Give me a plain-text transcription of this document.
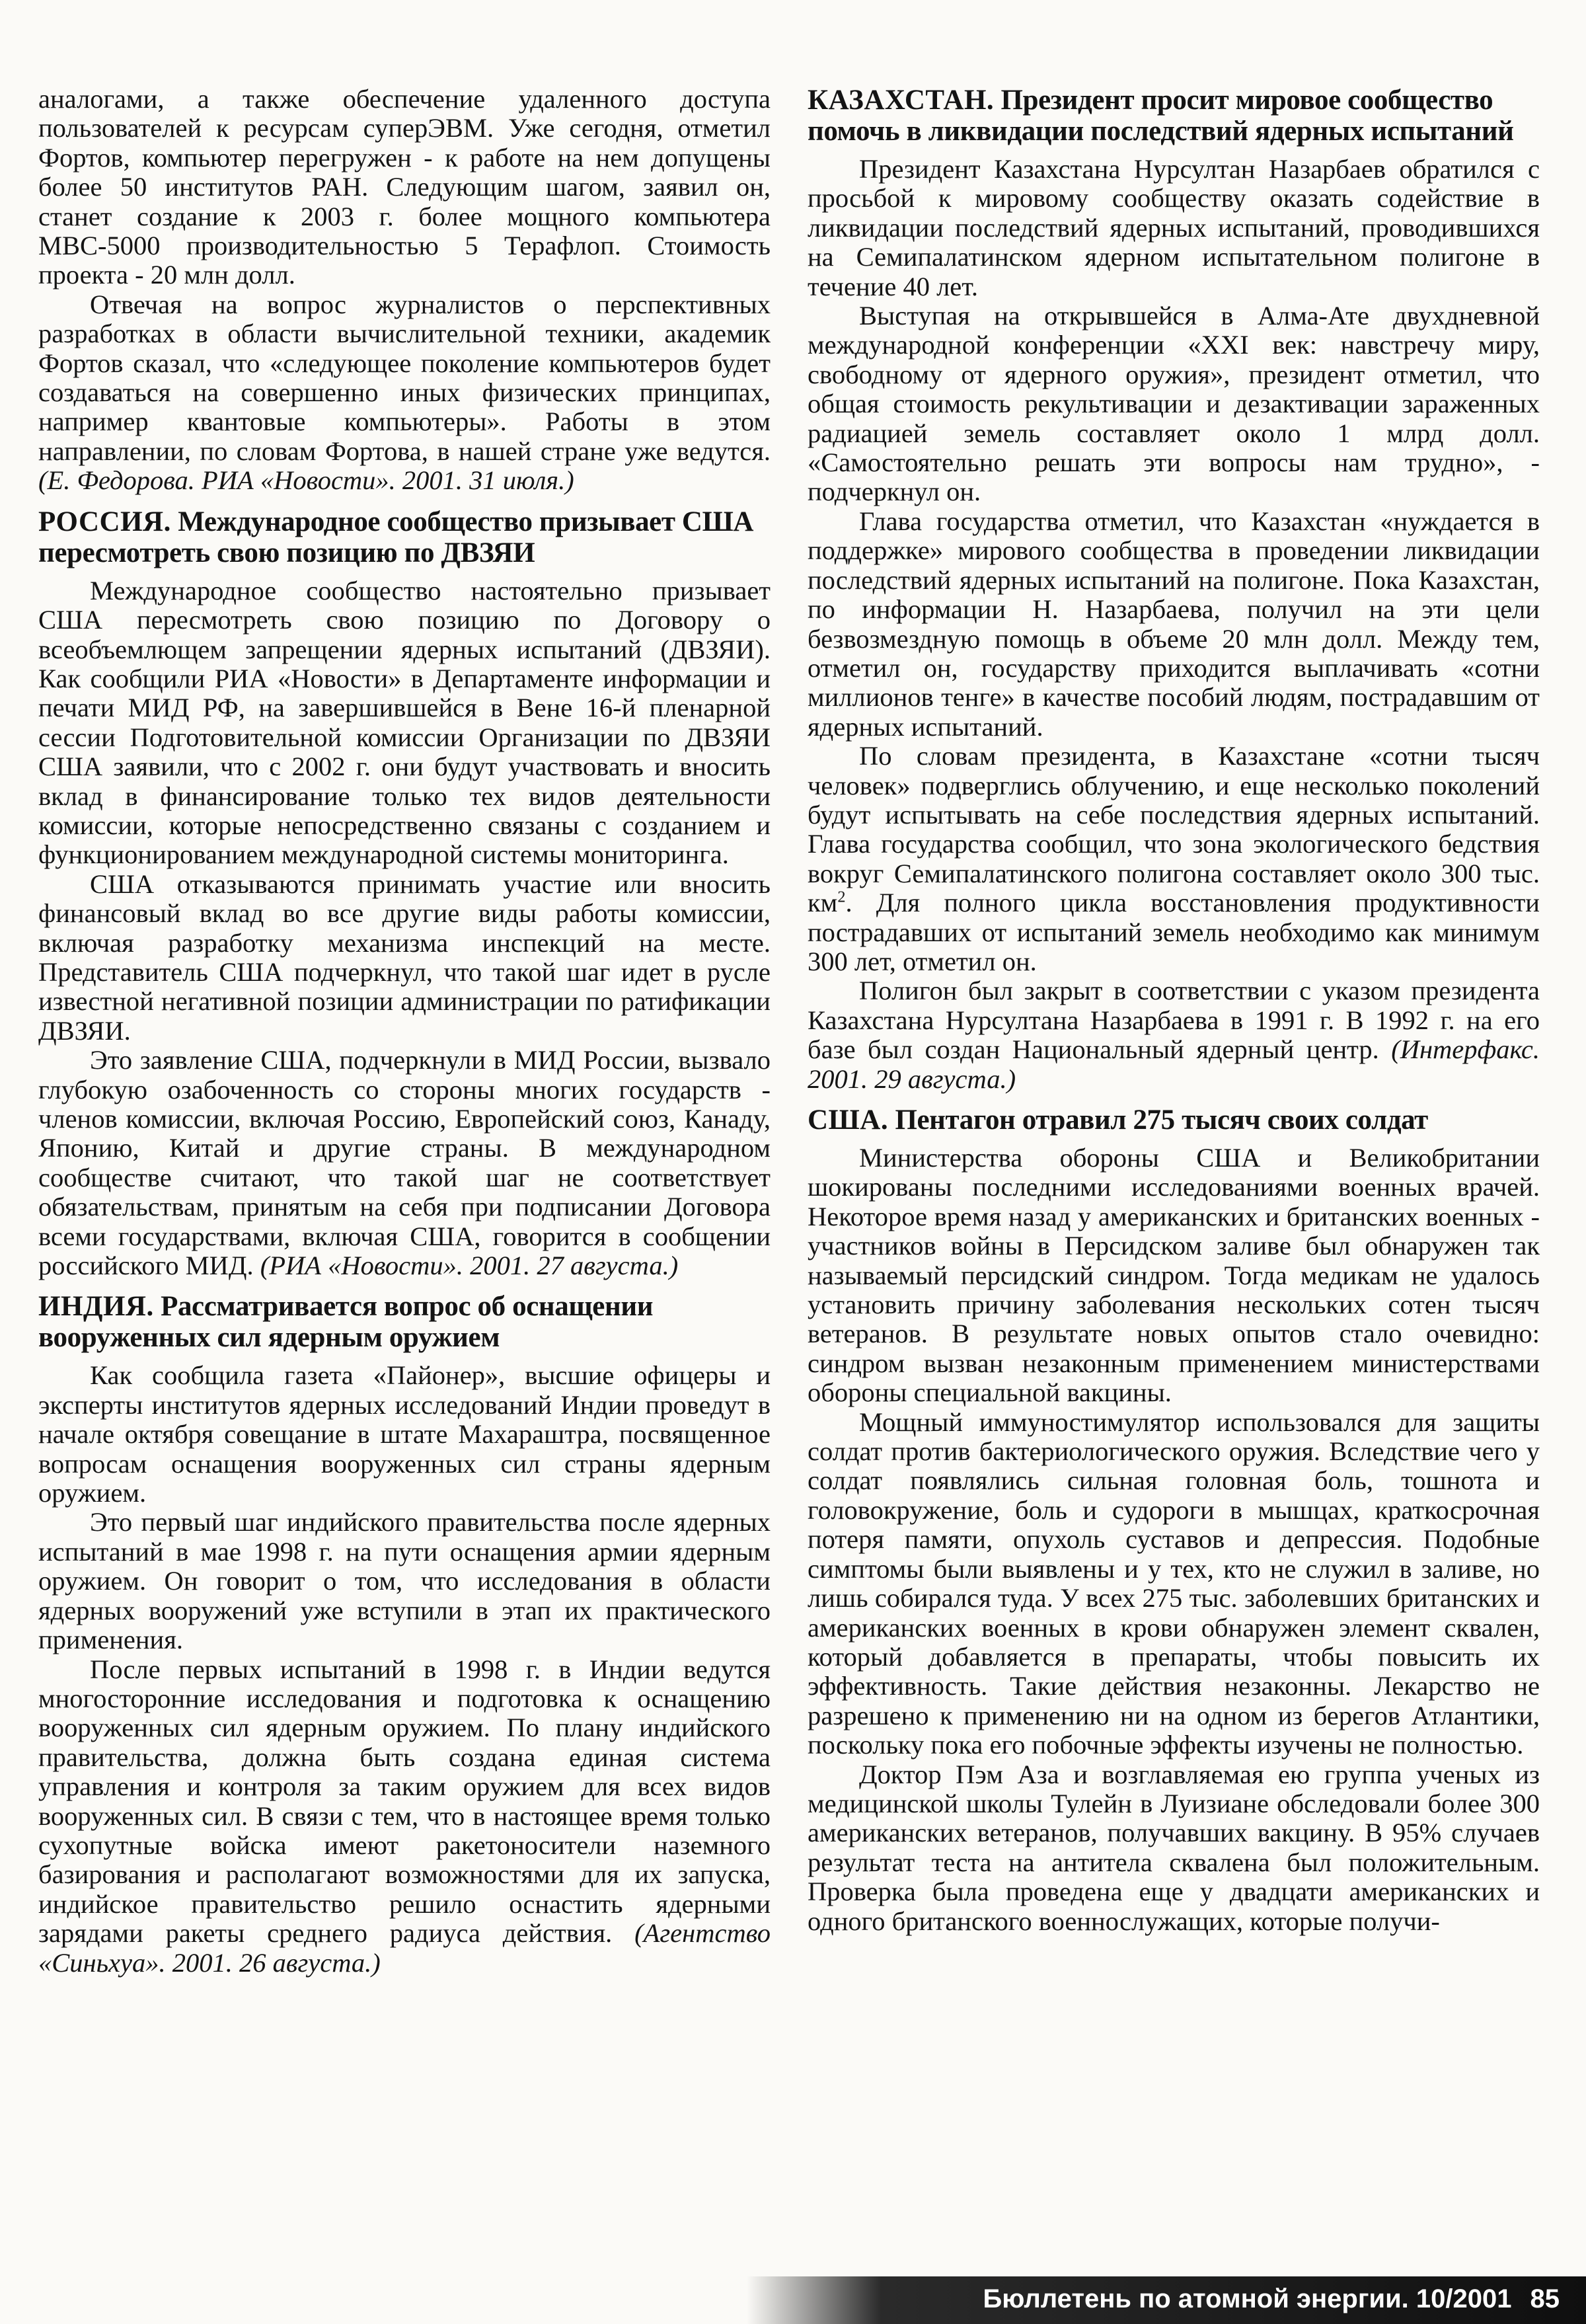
аналогами, а также обеспечение удаленного доступа пользователей к ресурсам суперЭВМ. Уже сегодня, отметил Фортов, компьютер перегружен - к работе на нем допущены более 50 институтов РАН. Следующим шагом, заявил он, станет создание к 2003 г. более мощного компьютера МВС-5000 производительностью 5 Терафлоп. Стоимость проекта - 20 млн долл.

Отвечая на вопрос журналистов о перспективных разработках в области вычислительной техники, академик Фортов сказал, что «следующее поколение компьютеров будет создаваться на совершенно иных физических принципах, например квантовые компьютеры». Работы в этом направлении, по словам Фортова, в нашей стране уже ведутся. (Е. Федорова. РИА «Новости». 2001. 31 июля.)

РОССИЯ. Международное сообщество призывает США пересмотреть свою позицию по ДВЗЯИ

Международное сообщество настоятельно призывает США пересмотреть свою позицию по Договору о всеобъемлющем запрещении ядерных испытаний (ДВЗЯИ). Как сообщили РИА «Новости» в Департаменте информации и печати МИД РФ, на завершившейся в Вене 16-й пленарной сессии Подготовительной комиссии Организации по ДВЗЯИ США заявили, что с 2002 г. они будут участвовать и вносить вклад в финансирование только тех видов деятельности комиссии, которые непосредственно связаны с созданием и функционированием международной системы мониторинга.

США отказываются принимать участие или вносить финансовый вклад во все другие виды работы комиссии, включая разработку механизма инспекций на месте. Представитель США подчеркнул, что такой шаг идет в русле известной негативной позиции администрации по ратификации ДВЗЯИ.

Это заявление США, подчеркнули в МИД России, вызвало глубокую озабоченность со стороны многих государств - членов комиссии, включая Россию, Европейский союз, Канаду, Японию, Китай и другие страны. В международном сообществе считают, что такой шаг не соответствует обязательствам, принятым на себя при подписании Договора всеми государствами, включая США, говорится в сообщении российского МИД. (РИА «Новости». 2001. 27 августа.)

ИНДИЯ. Рассматривается вопрос об оснащении вооруженных сил ядерным оружием

Как сообщила газета «Пайонер», высшие офицеры и эксперты институтов ядерных исследований Индии проведут в начале октября совещание в штате Махараштра, посвященное вопросам оснащения вооруженных сил страны ядерным оружием.

Это первый шаг индийского правительства после ядерных испытаний в мае 1998 г. на пути оснащения армии ядерным оружием. Он говорит о том, что исследования в области ядерных вооружений уже вступили в этап их практического применения.

После первых испытаний в 1998 г. в Индии ведутся многосторонние исследования и подготовка к оснащению вооруженных сил ядерным оружием. По плану индийского правительства, должна быть создана единая система управления и контроля за таким оружием для всех видов вооруженных сил. В связи с тем, что в настоящее время только сухопутные войска имеют ракетоносители наземного базирования и располагают возможностями для их запуска, индийское правительство решило оснастить ядерными зарядами ракеты среднего радиуса действия. (Агентство «Синьхуа». 2001. 26 августа.)

КАЗАХСТАН. Президент просит мировое сообщество помочь в ликвидации последствий ядерных испытаний

Президент Казахстана Нурсултан Назарбаев обратился с просьбой к мировому сообществу оказать содействие в ликвидации последствий ядерных испытаний, проводившихся на Семипалатинском ядерном испытательном полигоне в течение 40 лет.

Выступая на открывшейся в Алма-Ате двухдневной международной конференции «XXI век: навстречу миру, свободному от ядерного оружия», президент отметил, что общая стоимость рекультивации и дезактивации зараженных радиацией земель составляет около 1 млрд долл. «Самостоятельно решать эти вопросы нам трудно», - подчеркнул он.

Глава государства отметил, что Казахстан «нуждается в поддержке» мирового сообщества в проведении ликвидации последствий ядерных испытаний на полигоне. Пока Казахстан, по информации Н. Назарбаева, получил на эти цели безвозмездную помощь в объеме 20 млн долл. Между тем, отметил он, государству приходится выплачивать «сотни миллионов тенге» в качестве пособий людям, пострадавшим от ядерных испытаний.

По словам президента, в Казахстане «сотни тысяч человек» подверглись облучению, и еще несколько поколений будут испытывать на себе последствия ядерных испытаний. Глава государства сообщил, что зона экологического бедствия вокруг Семипалатинского полигона составляет около 300 тыс. $км^2$. Для полного цикла восстановления продуктивности пострадавших от испытаний земель необходимо как минимум 300 лет, отметил он.

Полигон был закрыт в соответствии с указом президента Казахстана Нурсултана Назарбаева в 1991 г. В 1992 г. на его базе был создан Национальный ядерный центр. (Интерфакс. 2001. 29 августа.)

США. Пентагон отравил 275 тысяч своих солдат

Министерства обороны США и Великобритании шокированы последними исследованиями военных врачей. Некоторое время назад у американских и британских военных - участников войны в Персидском заливе был обнаружен так называемый персидский синдром. Тогда медикам не удалось установить причину заболевания нескольких сотен тысяч ветеранов. В результате новых опытов стало очевидно: синдром вызван незаконным применением министерствами обороны специальной вакцины.

Мощный иммуностимулятор использовался для защиты солдат против бактериологического оружия. Вследствие чего у солдат появлялись сильная головная боль, тошнота и головокружение, боль и судороги в мышцах, краткосрочная потеря памяти, опухоль суставов и депрессия. Подобные симптомы были выявлены и у тех, кто не служил в заливе, но лишь собирался туда. У всех 275 тыс. заболевших британских и американских военных в крови обнаружен элемент сквален, который добавляется в препараты, чтобы повысить их эффективность. Такие действия незаконны. Лекарство не разрешено к применению ни на одном из берегов Атлантики, поскольку пока его побочные эффекты изучены не полностью.

Доктор Пэм Аза и возглавляемая ею группа ученых из медицинской школы Тулейн в Луизиане обследовали более 300 американских ветеранов, получавших вакцину. В 95% случаев результат теста на антитела сквалена был положительным. Проверка была проведена еще у двадцати американских и одного британского военнослужащих, которые получи-

Бюллетень по атомной энергии. 10/2001 85
